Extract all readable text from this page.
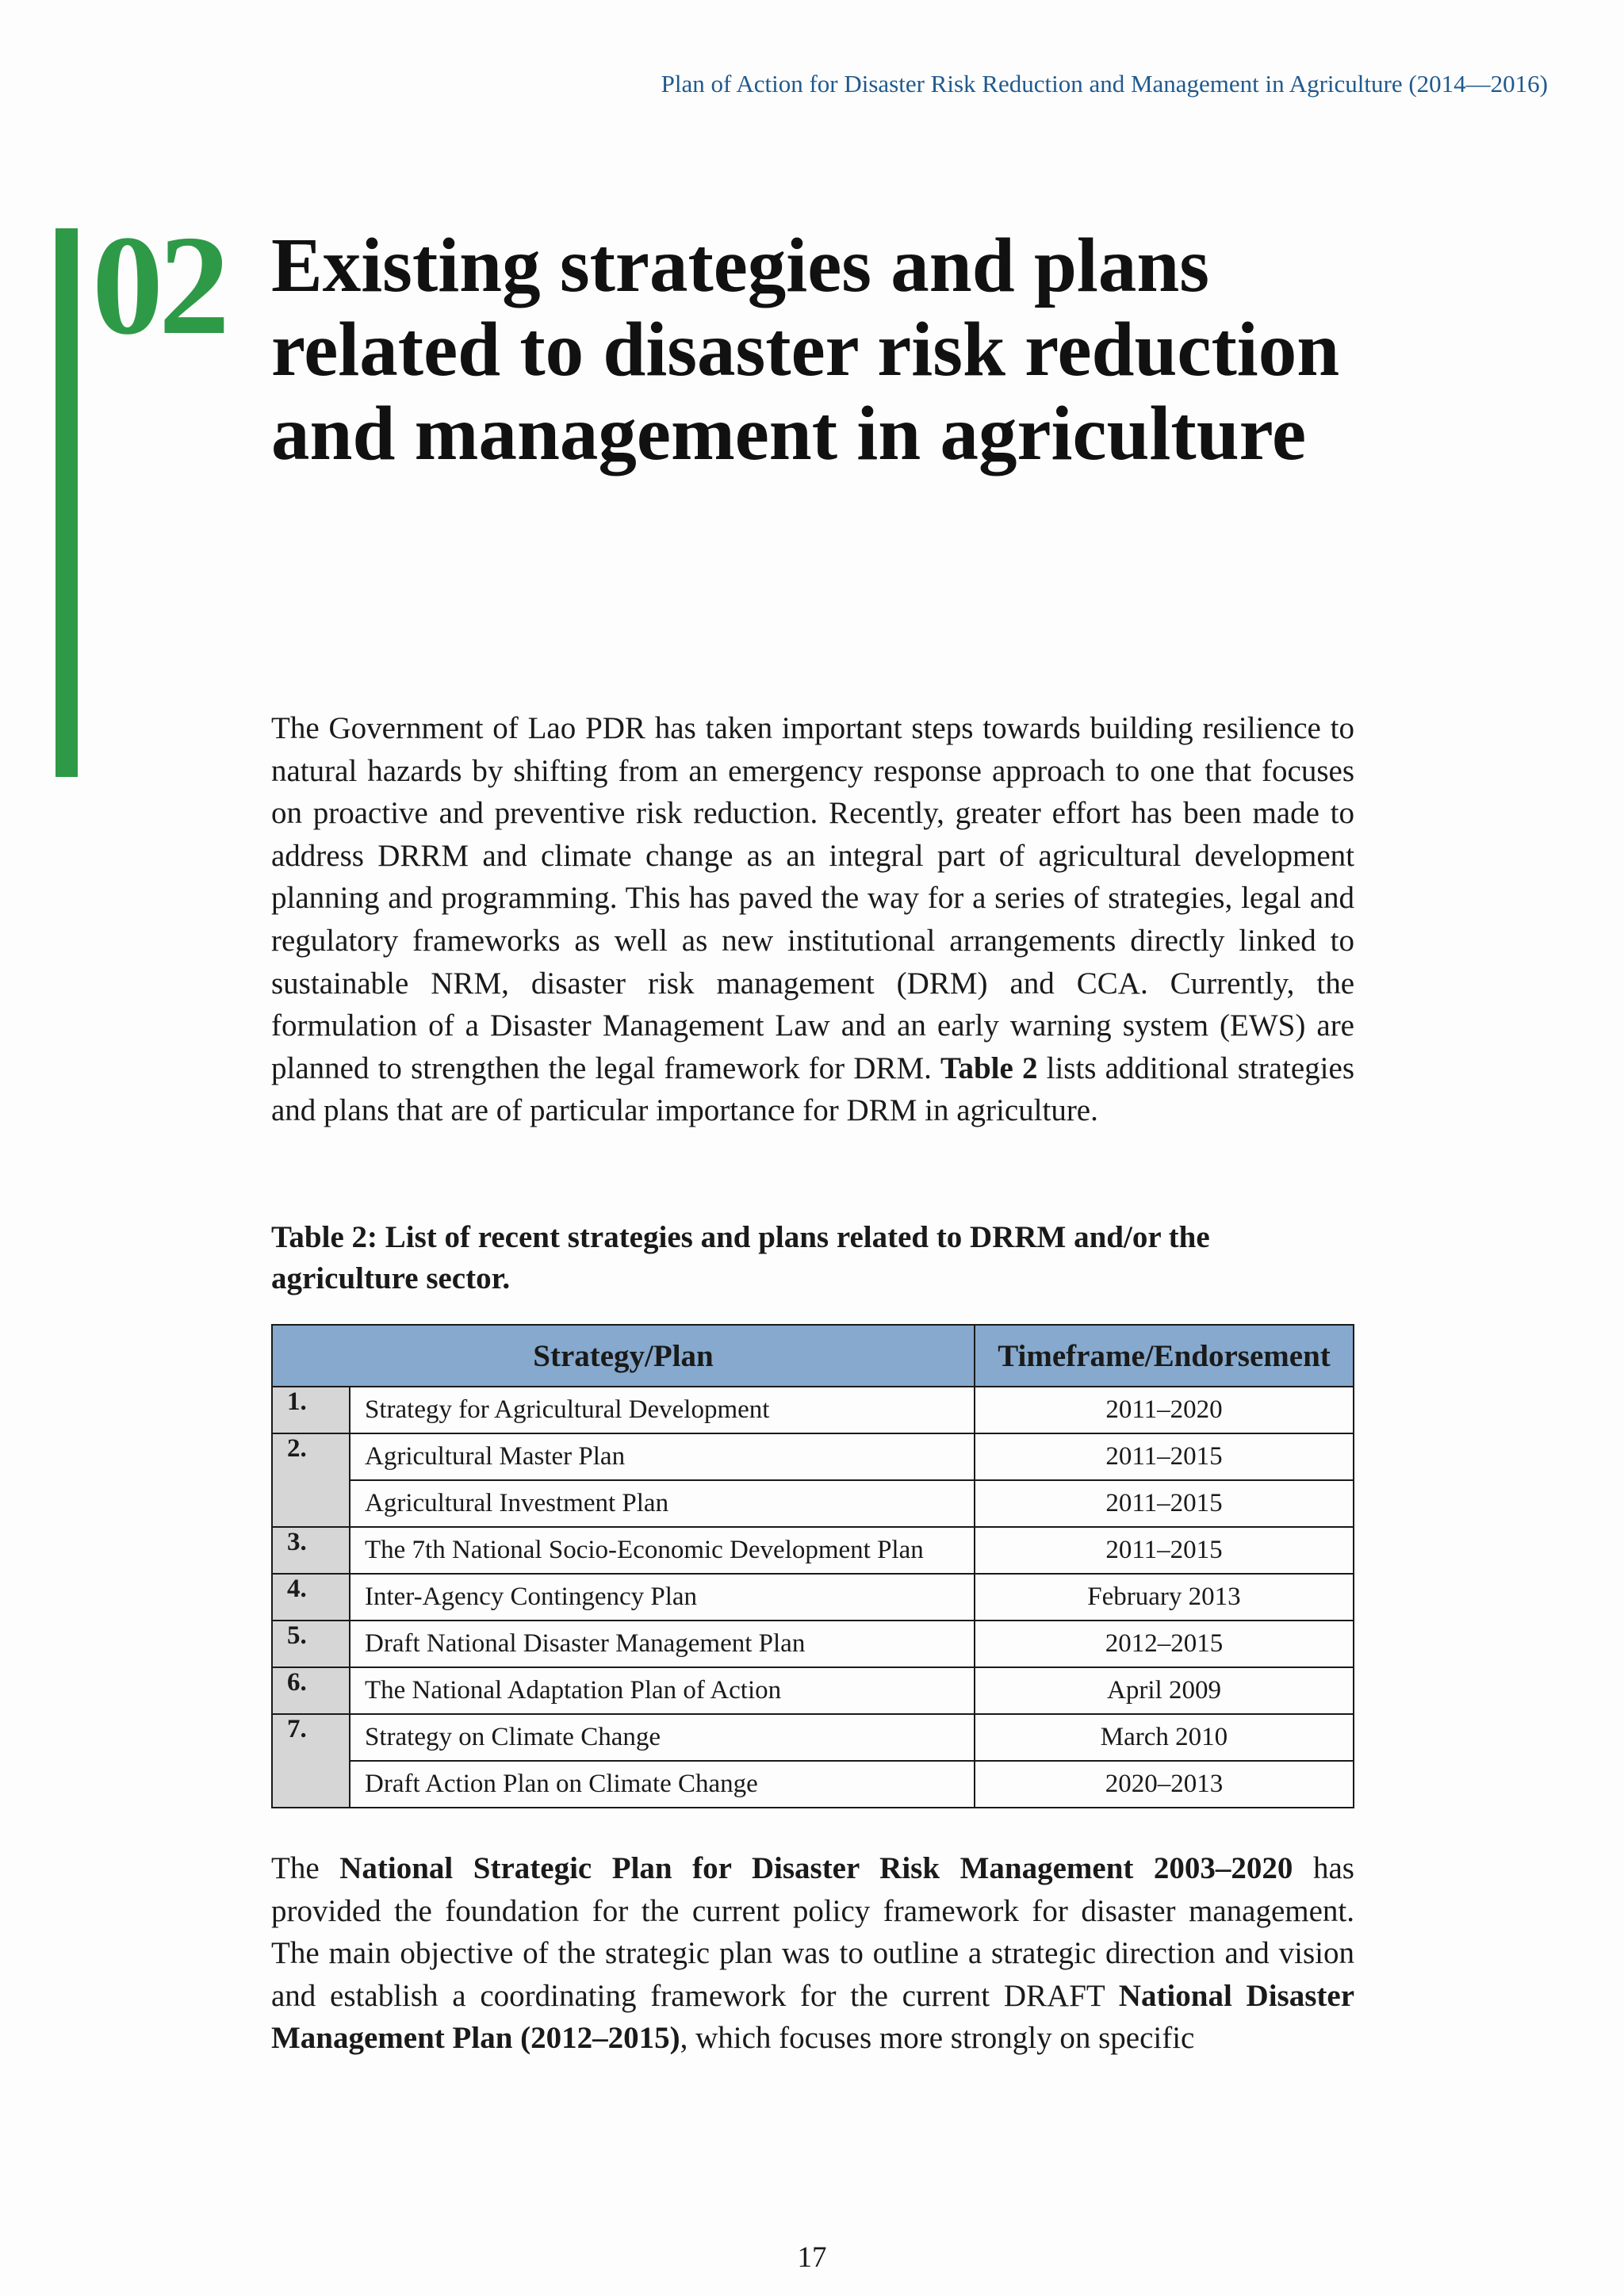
Plan of Action for Disaster Risk Reduction and Management in Agriculture (2014—2016)
02 Existing strategies and plans related to disaster risk reduction and management in agriculture

The Government of Lao PDR has taken important steps towards building resilience to natural hazards by shifting from an emergency response approach to one that focuses on proactive and preventive risk reduction. Recently, greater effort has been made to address DRRM and climate change as an integral part of agricultural development planning and programming. This has paved the way for a series of strategies, legal and regulatory frameworks as well as new institutional arrangements directly linked to sustainable NRM, disaster risk management (DRM) and CCA. Currently, the formulation of a Disaster Management Law and an early warning system (EWS) are planned to strengthen the legal framework for DRM. Table 2 lists additional strategies and plans that are of particular importance for DRM in agriculture.

Table 2: List of recent strategies and plans related to DRRM and/or the agriculture sector.

Strategy/Plan		Timeframe/Endorsement
1.	Strategy for Agricultural Development	2011–2020
2.	Agricultural Master Plan	2011–2015
	Agricultural Investment Plan	2011–2015
3.	The 7th National Socio-Economic Development Plan	2011–2015
4.	Inter-Agency Contingency Plan	February 2013
5.	Draft National Disaster Management Plan	2012–2015
6.	The National Adaptation Plan of Action	April 2009
7.	Strategy on Climate Change	March 2010
	Draft Action Plan on Climate Change	2020–2013

The National Strategic Plan for Disaster Risk Management 2003–2020 has provided the foundation for the current policy framework for disaster management. The main objective of the strategic plan was to outline a strategic direction and vision and establish a coordinating framework for the current DRAFT National Disaster Management Plan (2012–2015), which focuses more strongly on specific

17
